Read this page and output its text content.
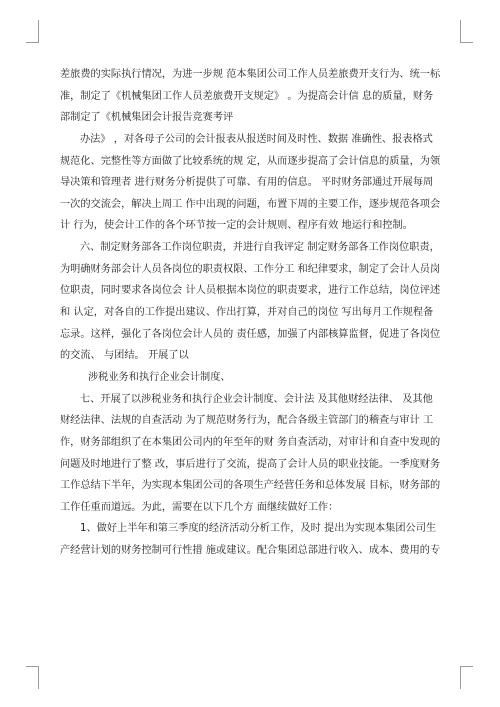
差旅费的实际执行情况，为进一步规 范本集团公司工作人员差旅费开支行为、统一标
准，制定了《机械集团工作人员差旅费开支规定》 。为提高会计信 息的质量，财务
部制定了《机械集团会计报告竞赛考评
办法》 ，对各母子公司的会计报表从报送时间及时性、数据 准确性、报表格式
规范化、完整性等方面做了比较系统的规 定，从而逐步提高了会计信息的质量，为领
导决策和管理者 进行财务分析提供了可靠、有用的信息。 平时财务部通过开展每周
一次的交流会，解决上周工 作中出现的问题，布置下周的主要工作，逐步规范各项会
计 行为，使会计工作的各个环节按一定的会计规则、程序有效 地运行和控制。
六、制定财务部各工作岗位职责，并进行自我评定 制定财务部各工作岗位职责，
为明确财务部会计人员各岗位的职责权限、工作分工 和纪律要求，制定了会计人员岗
位职责，同时要求各岗位会 计人员根据本岗位的职责要求，进行工作总结，岗位评述
和 认定，对各自的工作提出建议、作出打算，并对自己的岗位 写出每月工作规程备
忘录。这样，强化了各岗位会计人员的 责任感，加强了内部核算监督，促进了各岗位
的交流、 与团结。 开展了以
涉税业务和执行企业会计制度、
七、开展了以涉税业务和执行企业会计制度、会计法 及其他财经法律、 及其他
财经法律、法规的自查活动 为了规范财务行为，配合各级主管部门的稽查与审计 工
作，财务部组织了在本集团公司内的年至年的财 务自查活动，对审计和自查中发现的
问题及时地进行了整 改，事后进行了交流，提高了会计人员的职业技能。一季度财务
工作总结下半年，为实现本集团公司的各项生产经营任务和总体发展 目标，财务部的
工作任重而道远。为此，需要在以下几个方 面继续做好工作：
1、做好上半年和第三季度的经济活动分析工作，及时 提出为实现本集团公司生
产经营计划的财务控制可行性措 施或建议。配合集团总部进行收入、成本、费用的专
